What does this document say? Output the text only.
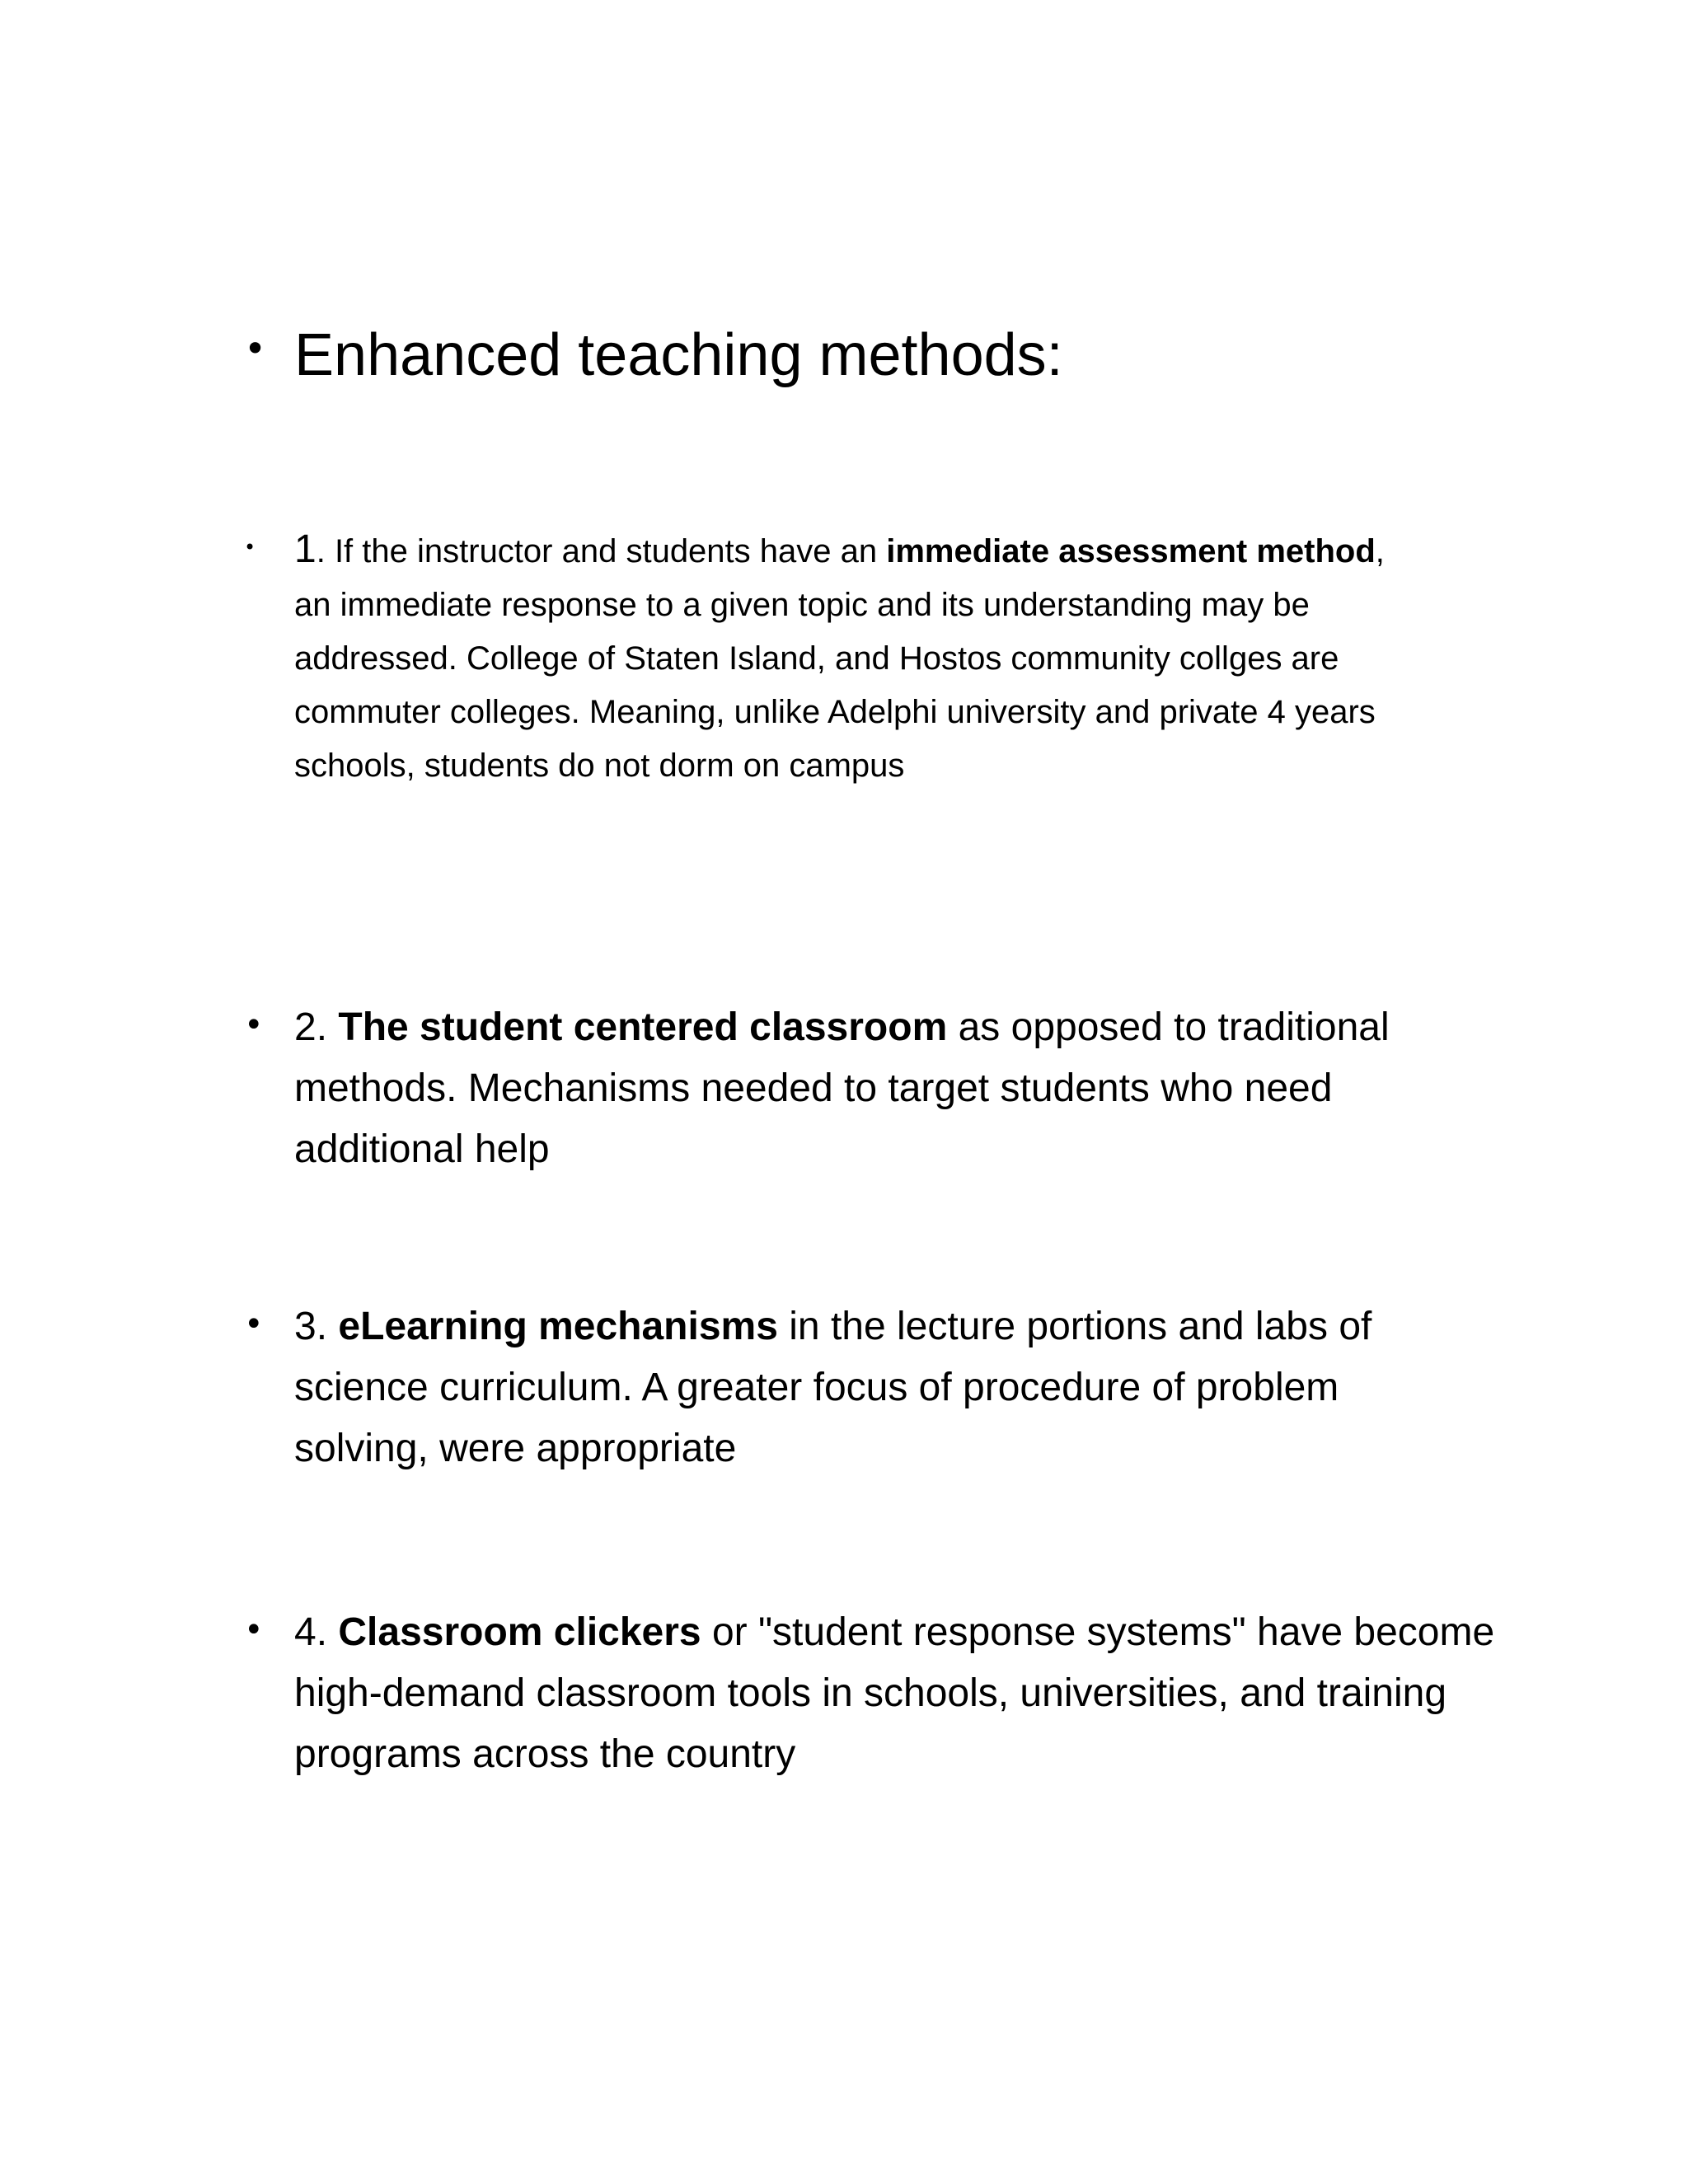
• Enhanced teaching methods:
• 1. If the instructor and students have an immediate assessment method,
an immediate response to a given topic and its understanding may be
addressed. College of Staten Island, and Hostos community collges are
commuter colleges. Meaning, unlike Adelphi university and private 4 years
schools, students do not dorm on campus
• 2. The student centered classroom as opposed to traditional
methods. Mechanisms needed to target students who need
additional help
• 3. eLearning mechanisms in the lecture portions and labs of
science curriculum. A greater focus of procedure of problem
solving, were appropriate
• 4. Classroom clickers or "student response systems" have become
high-demand classroom tools in schools, universities, and training
programs across the country
